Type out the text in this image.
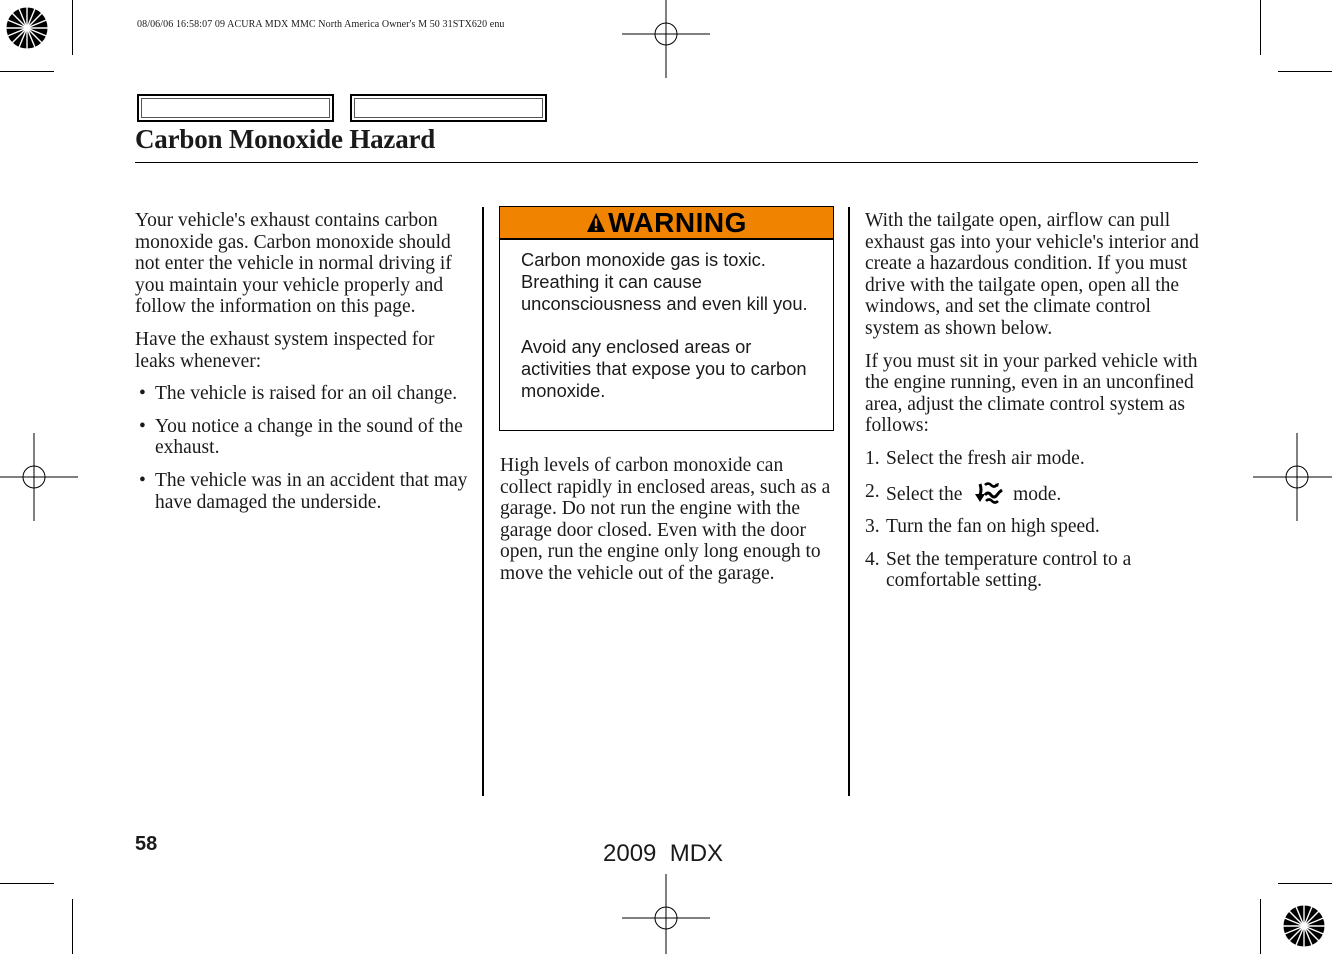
08/06/06 16:58:07 09 ACURA MDX MMC North America Owner's M 50 31STX620 enu
Carbon Monoxide Hazard

Your vehicle's exhaust contains carbon monoxide gas. Carbon monoxide should not enter the vehicle in normal driving if you maintain your vehicle properly and follow the information on this page.

Have the exhaust system inspected for leaks whenever:

• The vehicle is raised for an oil change.
• You notice a change in the sound of the exhaust.
• The vehicle was in an accident that may have damaged the underside.
WARNING

Carbon monoxide gas is toxic. Breathing it can cause unconsciousness and even kill you.

Avoid any enclosed areas or activities that expose you to carbon monoxide.

High levels of carbon monoxide can collect rapidly in enclosed areas, such as a garage. Do not run the engine with the garage door closed. Even with the door open, run the engine only long enough to move the vehicle out of the garage.

With the tailgate open, airflow can pull exhaust gas into your vehicle's interior and create a hazardous condition. If you must drive with the tailgate open, open all the windows, and set the climate control system as shown below.

If you must sit in your parked vehicle with the engine running, even in an unconfined area, adjust the climate control system as follows:

1. Select the fresh air mode.
2. Select the	mode.
3. Turn the fan on high speed.
4. Set the temperature control to a comfortable setting.
58	2009  MDX
